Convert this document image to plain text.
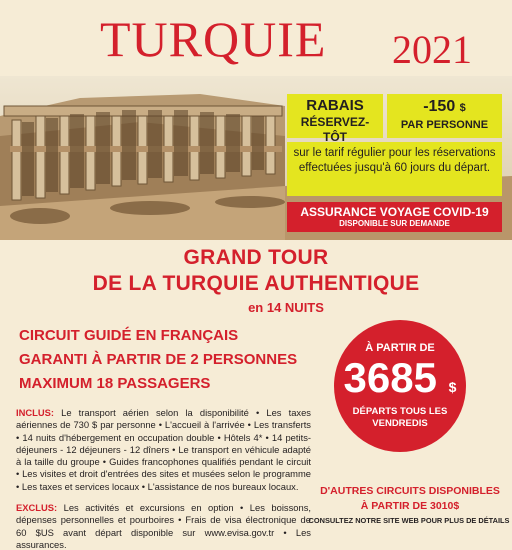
TURQUIE 2021
RABAIS
RÉSERVEZ-TÔT
-150 $
PAR PERSONNE
sur le tarif régulier pour les réservations effectuées jusqu'à 60 jours du départ.
ASSURANCE VOYAGE COVID-19
DISPONIBLE SUR DEMANDE
GRAND TOUR
DE LA TURQUIE AUTHENTIQUE
en 14 NUITS
CIRCUIT GUIDÉ EN FRANÇAIS
GARANTI À PARTIR DE 2 PERSONNES
MAXIMUM 18 PASSAGERS
À PARTIR DE
3685 $
DÉPARTS TOUS LES VENDREDIS
INCLUS: Le transport aérien selon la disponibilité • Les taxes aériennes de 730 $ par personne • L'accueil à l'arrivée • Les transferts • 14 nuits d'hébergement en occupation double • Hôtels 4* • 14 petits-déjeuners - 12 déjeuners - 12 dîners • Le transport en véhicule adapté à la taille du groupe • Guides francophones qualifiés pendant le circuit • Les visites et droit d'entrées des sites et musées selon le programme • Les taxes et services locaux • L'assistance de nos bureaux locaux.
EXCLUS: Les activités et excursions en option • Les boissons, dépenses personnelles et pourboires • Frais de visa électronique de 60 $US avant départ disponible sur www.evisa.gov.tr • Les assurances.
D'AUTRES CIRCUITS DISPONIBLES
À PARTIR DE 3010$
CONSULTEZ NOTRE SITE WEB POUR PLUS DE DÉTAILS
